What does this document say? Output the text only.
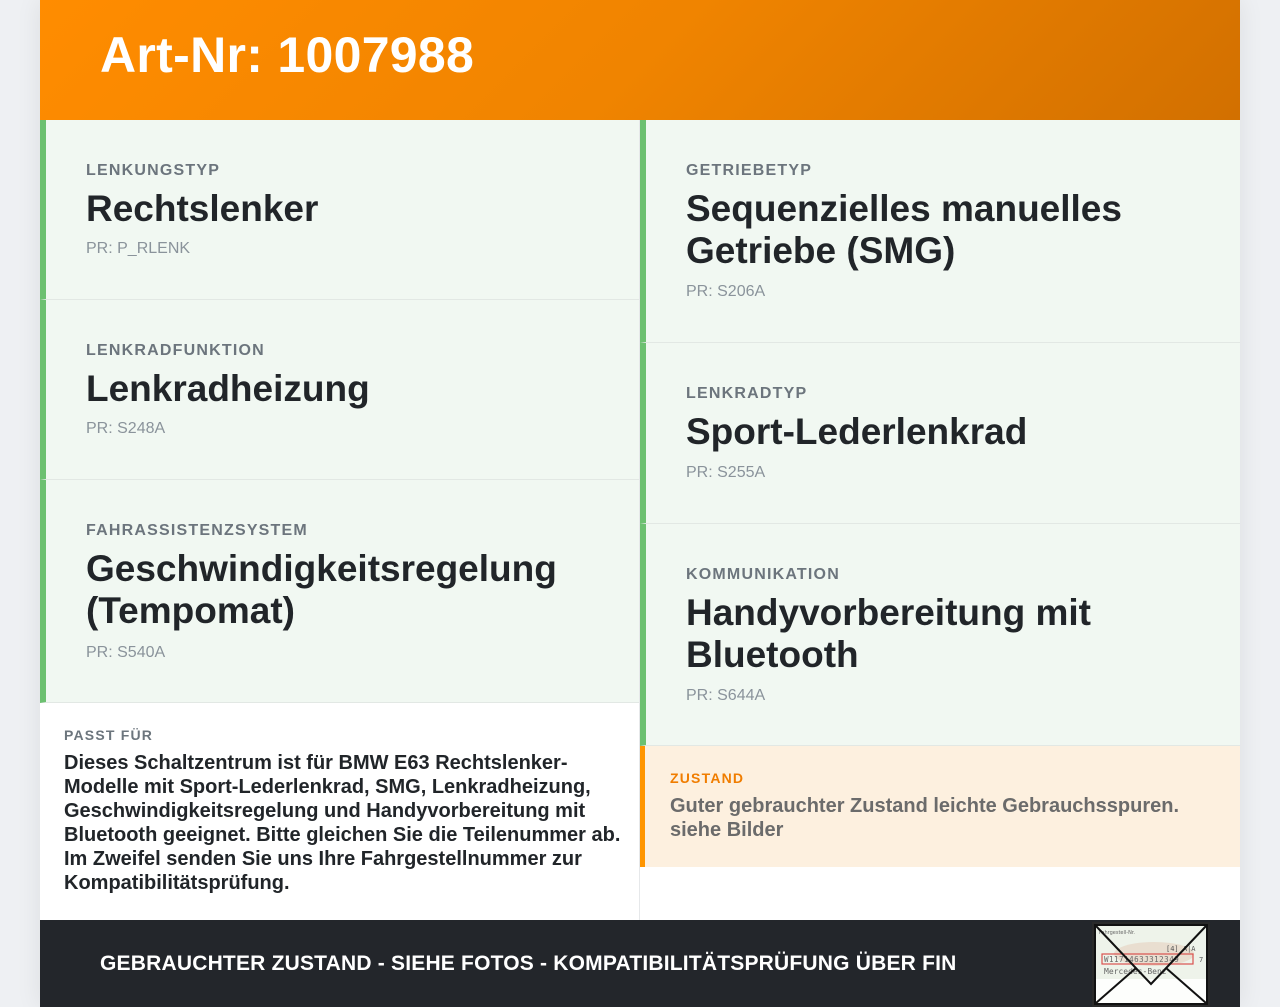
Art-Nr: 1007988
LENKUNGSTYP
Rechtslenker
PR: P_RLENK
LENKRADFUNKTION
Lenkradheizung
PR: S248A
FAHRASSISTENZSYSTEM
Geschwindigkeitsregelung (Tempomat)
PR: S540A
PASST FÜR
Dieses Schaltzentrum ist für BMW E63 Rechtslenker-Modelle mit Sport-Lederlenkrad, SMG, Lenkradheizung, Geschwindigkeitsregelung und Handyvorbereitung mit Bluetooth geeignet. Bitte gleichen Sie die Teilenummer ab. Im Zweifel senden Sie uns Ihre Fahrgestellnummer zur Kompatibilitätsprüfung.
GETRIEBETYP
Sequenzielles manuelles Getriebe (SMG)
PR: S206A
LENKRADTYP
Sport-Lederlenkrad
PR: S255A
KOMMUNIKATION
Handyvorbereitung mit Bluetooth
PR: S644A
ZUSTAND
Guter gebrauchter Zustand leichte Gebrauchsspuren. siehe Bilder
GEBRAUCHTER ZUSTAND - SIEHE FOTOS - KOMPATIBILITÄTSPRÜFUNG ÜBER FIN
Fahrgestell-Nr.
[4] A|A
W1171463J312349	7
Mercedes-Benz
